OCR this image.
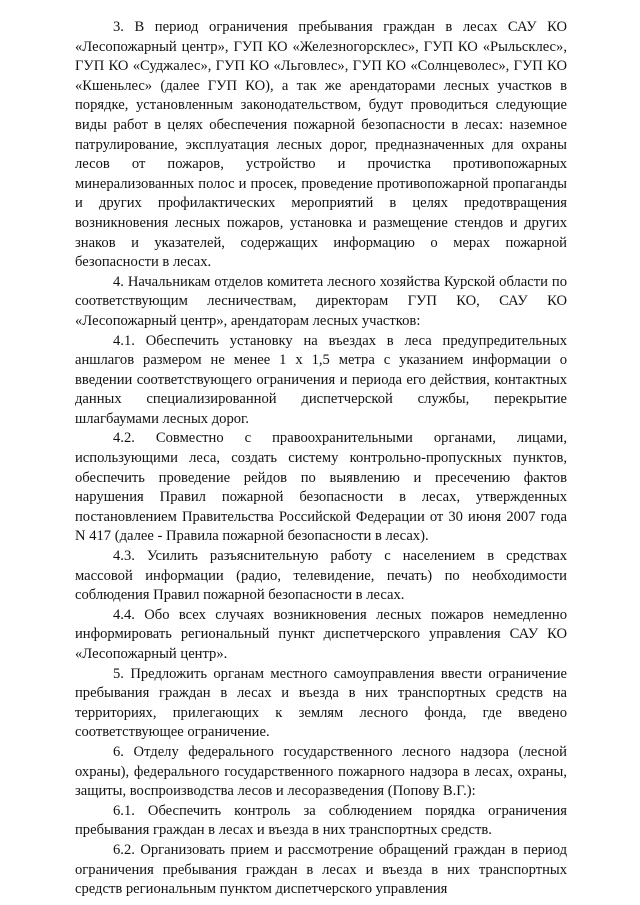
3. В период ограничения пребывания граждан в лесах САУ КО «Лесопожарный центр», ГУП КО «Железногорсклес», ГУП КО «Рыльсклес», ГУП КО «Суджалес», ГУП КО «Льговлес», ГУП КО «Солнцеволес», ГУП КО «Кшеньлес» (далее ГУП КО), а так же арендаторами лесных участков в порядке, установленным законодательством, будут проводиться следующие виды работ в целях обеспечения пожарной безопасности в лесах: наземное патрулирование, эксплуатация лесных дорог, предназначенных для охраны лесов от пожаров, устройство и прочистка противопожарных минерализованных полос и просек, проведение противопожарной пропаганды и других профилактических мероприятий в целях предотвращения возникновения лесных пожаров, установка и размещение стендов и других знаков и указателей, содержащих информацию о мерах пожарной безопасности в лесах.

4. Начальникам отделов комитета лесного хозяйства Курской области по соответствующим лесничествам, директорам ГУП КО, САУ КО «Лесопожарный центр», арендаторам лесных участков:

4.1. Обеспечить установку на въездах в леса предупредительных аншлагов размером не менее 1 х 1,5 метра с указанием информации о введении соответствующего ограничения и периода его действия, контактных данных специализированной диспетчерской службы, перекрытие шлагбаумами лесных дорог.

4.2. Совместно с правоохранительными органами, лицами, использующими леса, создать систему контрольно-пропускных пунктов, обеспечить проведение рейдов по выявлению и пресечению фактов нарушения Правил пожарной безопасности в лесах, утвержденных постановлением Правительства Российской Федерации от 30 июня 2007 года N 417 (далее - Правила пожарной безопасности в лесах).

4.3. Усилить разъяснительную работу с населением в средствах массовой информации (радио, телевидение, печать) по необходимости соблюдения Правил пожарной безопасности в лесах.

4.4. Обо всех случаях возникновения лесных пожаров немедленно информировать региональный пункт диспетчерского управления САУ КО «Лесопожарный центр».

5. Предложить органам местного самоуправления ввести ограничение пребывания граждан в лесах и въезда в них транспортных средств на территориях, прилегающих к землям лесного фонда, где введено соответствующее ограничение.

6. Отделу федерального государственного лесного надзора (лесной охраны), федерального государственного пожарного надзора в лесах, охраны, защиты, воспроизводства лесов и лесоразведения (Попову В.Г.):

6.1. Обеспечить контроль за соблюдением порядка ограничения пребывания граждан в лесах и въезда в них транспортных средств.

6.2. Организовать прием и рассмотрение обращений граждан в период ограничения пребывания граждан в лесах и въезда в них транспортных средств региональным пунктом диспетчерского управления
